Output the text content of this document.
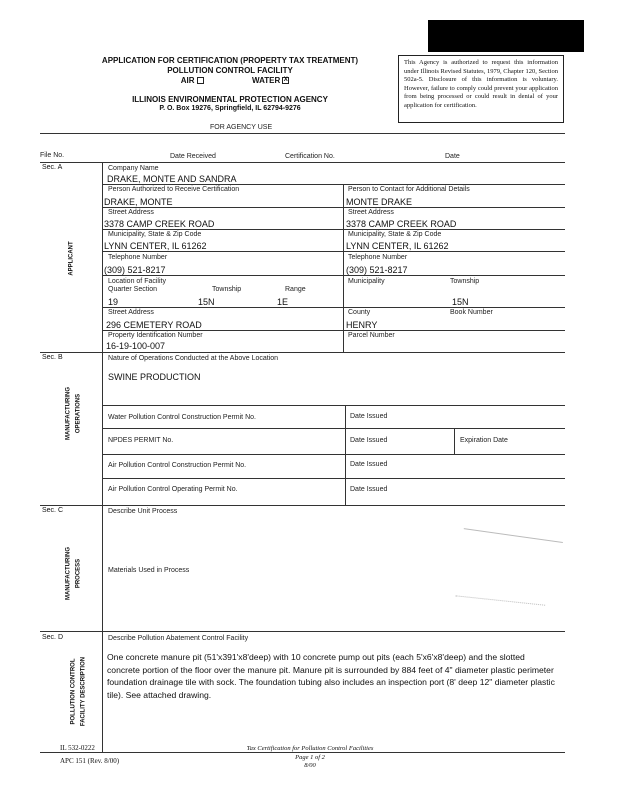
APPLICATION FOR CERTIFICATION (PROPERTY TAX TREATMENT)
POLLUTION CONTROL FACILITY
AIR	WATER X
ILLINOIS ENVIRONMENTAL PROTECTION AGENCY
P. O. Box 19276, Springfield, IL 62794-9276
This Agency is authorized to request this information under Illinois Revised Statutes, 1979, Chapter 120, Section 502a-5. Disclosure of this information is voluntary. However, failure to comply could prevent your application from being processed or could result in denial of your application for certification.
FOR AGENCY USE
File No.	Date Received	Certification No.	Date
Sec. A
APPLICANT
Company Name
DRAKE, MONTE AND SANDRA
Person Authorized to Receive Certification	Person to Contact for Additional Details
DRAKE, MONTE	MONTE DRAKE
Street Address	Street Address
3378 CAMP CREEK ROAD	3378 CAMP CREEK ROAD
Municipality, State & Zip Code	Municipality, State & Zip Code
LYNN CENTER, IL 61262	LYNN CENTER, IL 61262
Telephone Number	Telephone Number
(309) 521-8217	(309) 521-8217
Location of Facility
Quarter Section	Township	Range
Municipality	Township
19	15N	1E	15N
Street Address	County	Book Number
296 CEMETERY ROAD	HENRY
Property Identification Number	Parcel Number
16-19-100-007
Sec. B
MANUFACTURING OPERATIONS
Nature of Operations Conducted at the Above Location
SWINE PRODUCTION
Water Pollution Control Construction Permit No.	Date Issued
NPDES PERMIT No.	Date Issued	Expiration Date
Air Pollution Control Construction Permit No.	Date Issued
Air Pollution Control Operating Permit No.	Date Issued
Sec. C
MANUFACTURING PROCESS
Describe Unit Process
Materials Used in Process
Sec. D
POLLUTION CONTROL FACILITY DESCRIPTION
Describe Pollution Abatement Control Facility
One concrete manure pit (51'x391'x8'deep) with 10 concrete pump out pits (each 5'x6'x8'deep) and the slotted concrete portion of the floor over the manure pit. Manure pit is surrounded by 884 feet of 4" diameter plastic perimeter foundation drainage tile with sock. The foundation tubing also includes an inspection port (8' deep 12" diameter plastic tile). See attached drawing.
IL 532-0222
APC 151 (Rev. 8/00)
Tax Certification for Pollution Control Facilities
Page 1 of 2
8/00
